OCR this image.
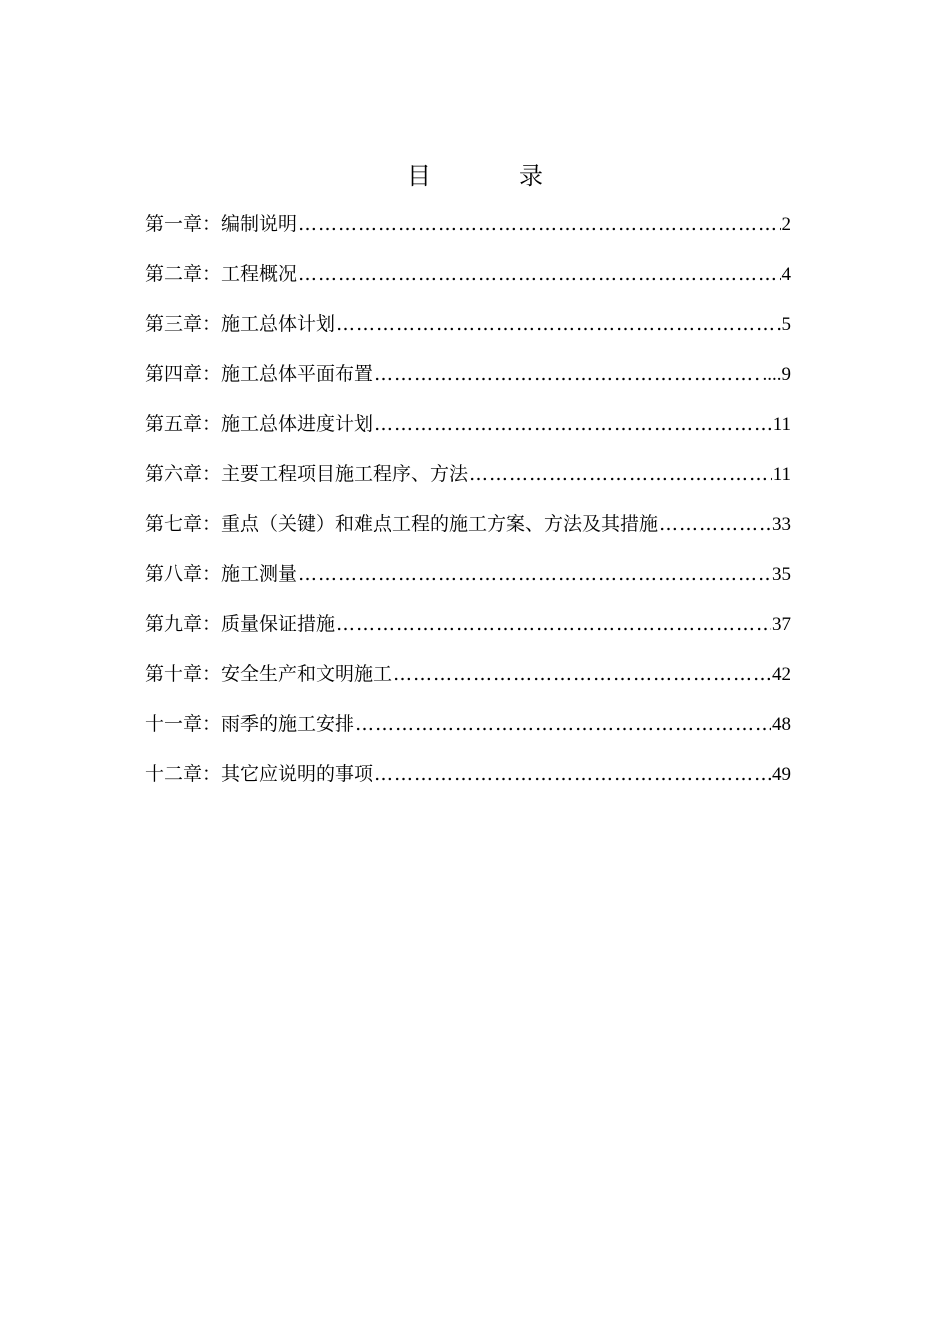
目	录
第一章：编制说明 …………………………………………………………………………………………………………………………………………	2
第二章：工程概况 …………………………………………………………………………………………………………………………………………	4
第三章：施工总体计划 …………………………………………………………………………………………………………………………………………	5
第四章：施工总体平面布置 …………………………………………………………………………………………………………………………………………	....9
第五章：施工总体进度计划 …………………………………………………………………………………………………………………………………………	11
第六章：主要工程项目施工程序、方法 …………………………………………………………………………………………………………………………………………	11
第七章：重点（关键）和难点工程的施工方案、方法及其措施 …………………………………………………………………………………………………………………………………………	33
第八章：施工测量 …………………………………………………………………………………………………………………………………………	35
第九章：质量保证措施 …………………………………………………………………………………………………………………………………………	37
第十章：安全生产和文明施工 …………………………………………………………………………………………………………………………………………	42
十一章：雨季的施工安排 …………………………………………………………………………………………………………………………………………	48
十二章：其它应说明的事项 …………………………………………………………………………………………………………………………………………	49
